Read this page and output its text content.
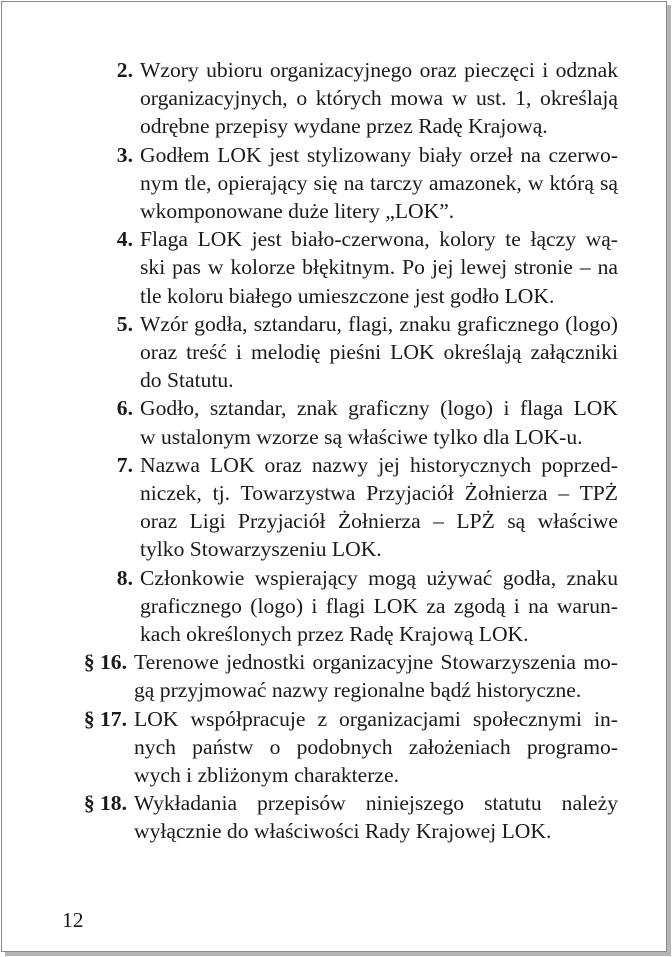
2. Wzory ubioru organizacyjnego oraz pieczęci i odznak
organizacyjnych, o których mowa w ust. 1, określają
odrębne przepisy wydane przez Radę Krajową.
3. Godłem LOK jest stylizowany biały orzeł na czerwo-
nym tle, opierający się na tarczy amazonek, w którą są
wkomponowane duże litery „LOK”.
4. Flaga LOK jest biało-czerwona, kolory te łączy wą-
ski pas w kolorze błękitnym. Po jej lewej stronie – na
tle koloru białego umieszczone jest godło LOK.
5. Wzór godła, sztandaru, flagi, znaku graficznego (logo)
oraz treść i melodię pieśni LOK określają załączniki
do Statutu.
6. Godło, sztandar, znak graficzny (logo) i flaga LOK
w ustalonym wzorze są właściwe tylko dla LOK-u.
7. Nazwa LOK oraz nazwy jej historycznych poprzed-
niczek, tj. Towarzystwa Przyjaciół Żołnierza – TPŻ
oraz Ligi Przyjaciół Żołnierza – LPŻ są właściwe
tylko Stowarzyszeniu LOK.
8. Członkowie wspierający mogą używać godła, znaku
graficznego (logo) i flagi LOK za zgodą i na warun-
kach określonych przez Radę Krajową LOK.
§ 16. Terenowe jednostki organizacyjne Stowarzyszenia mo-
gą przyjmować nazwy regionalne bądź historyczne.
§ 17. LOK współpracuje z organizacjami społecznymi in-
nych państw o podobnych założeniach programo-
wych i zbliżonym charakterze.
§ 18. Wykładania przepisów niniejszego statutu należy
wyłącznie do właściwości Rady Krajowej LOK.
12
